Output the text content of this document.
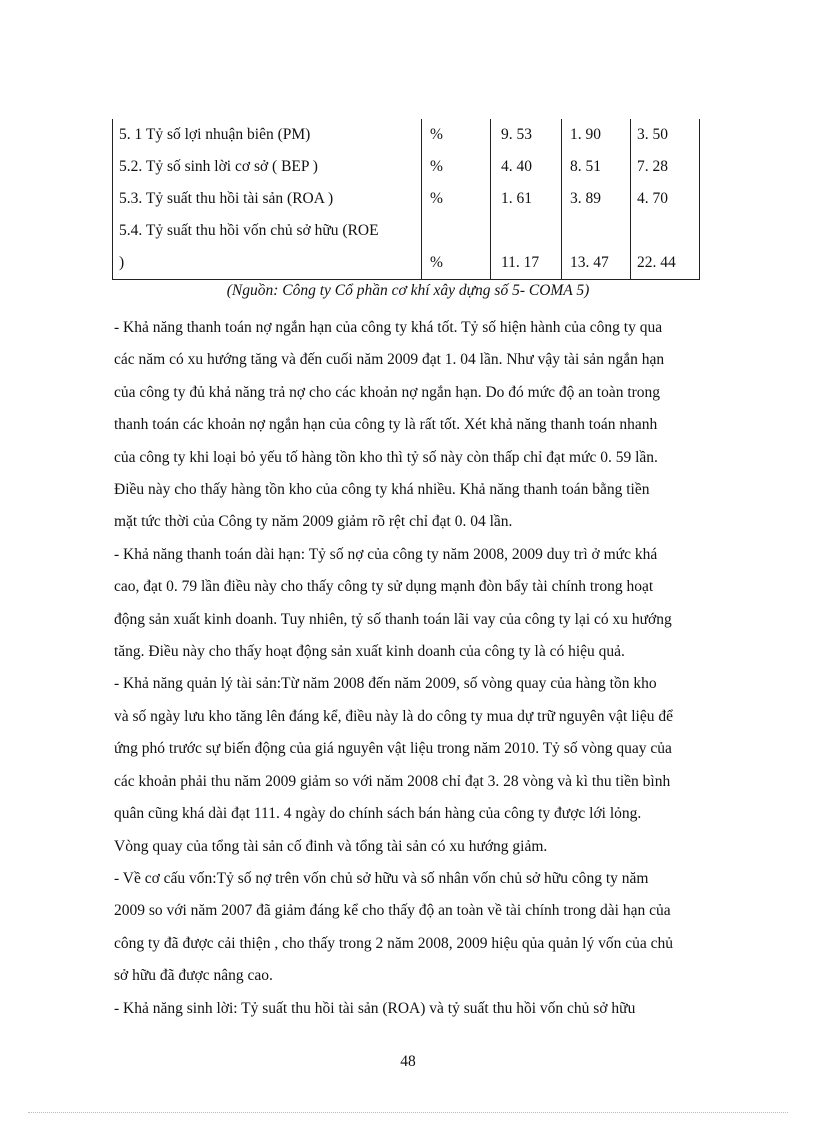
5. 1 Tỷ số lợi nhuận biên (PM)	%	9. 53	1. 90	3. 50
5.2. Tỷ số sinh lời cơ sở ( BEP )	%	4. 40	8. 51	7. 28
5.3. Tỷ suất thu hồi tài sản (ROA )	%	1. 61	3. 89	4. 70
5.4. Tỷ suất thu hồi vốn chủ sở hữu (ROE
)	%	11. 17	13. 47	22. 44
(Nguồn: Công ty Cổ phần cơ khí xây dựng số 5- COMA 5)

- Khả năng thanh toán nợ ngắn hạn của công ty khá tốt. Tỷ số hiện hành của công ty qua
các năm có xu hướng tăng và đến cuối năm 2009 đạt 1. 04 lần. Như vậy tài sản ngắn hạn
của công ty đủ khả năng trả nợ cho các khoản nợ ngắn hạn. Do đó mức độ an toàn trong
thanh toán các khoản nợ ngắn hạn của công ty là rất tốt. Xét khả năng thanh toán nhanh
của công ty khi loại bỏ yếu tố hàng tồn kho thì tỷ số này còn thấp chỉ đạt mức 0. 59 lần.
Điều này cho thấy hàng tồn kho của công ty khá nhiều. Khả năng thanh toán bằng tiền
mặt tức thời của Công ty năm 2009 giảm rõ rệt chỉ đạt 0. 04 lần.

- Khả năng thanh toán dài hạn: Tỷ số nợ của công ty năm 2008, 2009 duy trì ở mức khá
cao, đạt 0. 79 lần điều này cho thấy công ty sử dụng mạnh đòn bẩy tài chính trong hoạt
động sản xuất kinh doanh. Tuy nhiên, tỷ số thanh toán lãi vay của công ty lại có xu hướng
tăng. Điều này cho thấy hoạt động sản xuất kinh doanh của công ty là có hiệu quả.

- Khả năng quản lý tài sản:Từ năm 2008 đến năm 2009, số vòng quay của hàng tồn kho
và số ngày lưu kho tăng lên đáng kể, điều này là do công ty mua dự trữ nguyên vật liệu để
ứng phó trước sự biến động của giá nguyên vật liệu trong năm 2010. Tỷ số vòng quay của
các khoản phải thu năm 2009 giảm so với năm 2008 chỉ đạt 3. 28 vòng và kì thu tiền bình
quân cũng khá dài đạt 111. 4 ngày do chính sách bán hàng của công ty được lới lỏng.
Vòng quay của tổng tài sản cố đinh và tổng tài sản có xu hướng giảm.

- Về cơ cấu vốn:Tỷ số nợ trên vốn chủ sở hữu và số nhân vốn chủ sở hữu công ty năm
2009 so với năm 2007 đã giảm đáng kể cho thấy độ an toàn về tài chính trong dài hạn của
công ty đã được cải thiện , cho thấy trong 2 năm 2008, 2009 hiệu qủa quản lý vốn của chủ
sở hữu đã được nâng cao.

- Khả năng sinh lời: Tỷ suất thu hồi tài sản (ROA) và tỷ suất thu hồi vốn chủ sở hữu

48
